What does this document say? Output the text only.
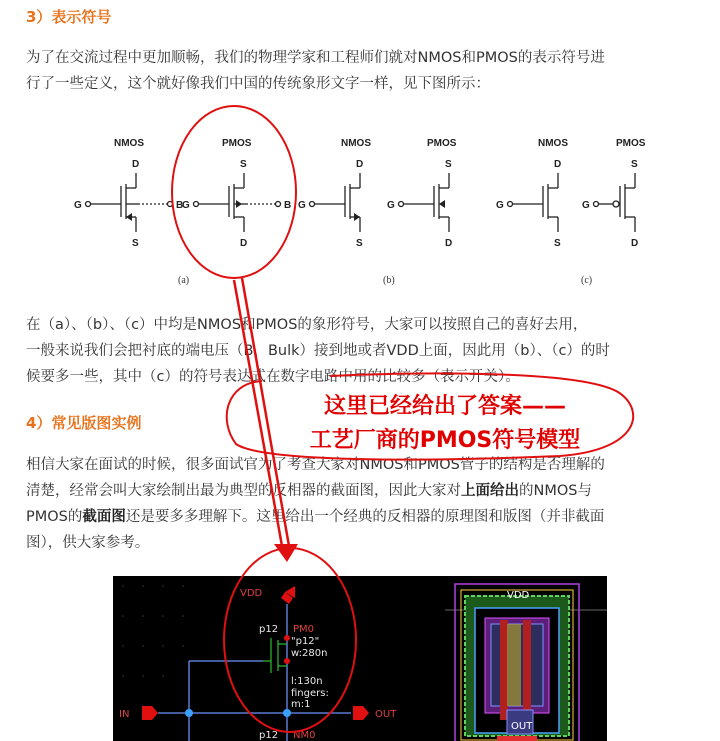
3）表示符号
为了在交流过程中更加顺畅，我们的物理学家和工程师们就对NMOS和PMOS的表示符号进
行了一些定义，这个就好像我们中国的传统象形文字一样，见下图所示：
NMOS	PMOS	NMOS	PMOS	NMOS	PMOS
D	S	D	S	D	S
S	D	S	D	S	D
G	B
G	B G	G	G	G
(a)	(b)	(c)
在（a）、（b）、（c）中均是NMOS和PMOS的象形符号，大家可以按照自己的喜好去用，
一般来说我们会把衬底的端电压（B，Bulk）接到地或者VDD上面，因此用（b）、（c）的时
候要多一些，其中（c）的符号表达式在数字电路中用的比较多（表示开关）。
4）常见版图实例
相信大家在面试的时候，很多面试官为了考查大家对NMOS和PMOS管子的结构是否理解的
清楚，经常会叫大家绘制出最为典型的反相器的截面图，因此大家对上面给出的NMOS与
PMOS的截面图还是要多多理解下。这里给出一个经典的反相器的原理图和版图（并非截面
图），供大家参考。
VDD
p12 PM0
"p12"
w:280n
l:130n
fingers:
m:1
IN	OUT
p12 NM0
VDD
OUT
这里已经给出了答案——
工艺厂商的PMOS符号模型
